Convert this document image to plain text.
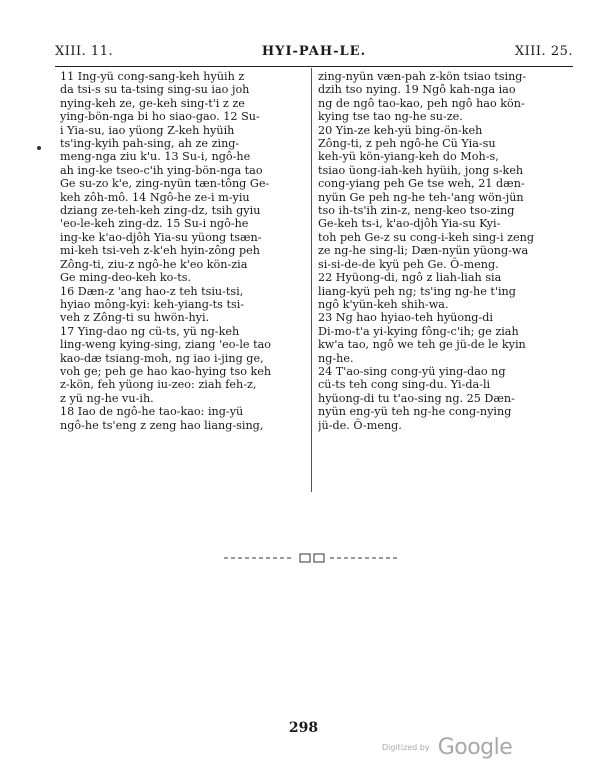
XIII. 11.	HYI-PAH-LE.	XIII. 25.

11 Ing-yü cong-sang-keh hyüih z
da tsi-s su ta-tsing sing-su iao joh
nying-keh ze, ge-keh sing-t'i z ze
ying-bön-nga bi ho siao-gao. 12 Su-
i Yia-su, iao yüong Z-keh hyüih
ts'ing-kyih pah-sing, ah ze zing-
meng-nga ziu k'u. 13 Su-i, ngô-he
ah ing-ke tseo-c'ih ying-bön-nga tao
Ge su-zo k'e, zing-nyün tæn-tông Ge-
keh zôh-mô. 14 Ngô-he ze-i m-yiu
dziang ze-teh-keh zing-dz, tsih gyiu
'eo-le-keh zing-dz. 15 Su-i ngô-he
ing-ke k'ao-djôh Yia-su yüong tsæn-
mi-keh tsi-veh z-k'eh hyin-zông peh
Zông-ti, ziu-z ngô-he k'eo kön-zia
Ge ming-deo-keh ko-ts.

16 Dæn-z 'ang hao-z teh tsiu-tsi,
hyiao mông-kyi: keh-yiang-ts tsi-
veh z Zông-ti su hwön-hyi.

17 Ying-dao ng cü-ts, yü ng-keh
ling-weng kying-sing, ziang 'eo-le tao
kao-dæ tsiang-moh, ng iao i-jing ge,
voh ge; peh ge hao kao-hying tso keh
z-kön, feh yüong iu-zeo: ziah feh-z,
z yü ng-he vu-ih.

18 Iao de ngô-he tao-kao: ing-yü
ngô-he ts'eng z zeng hao liang-sing,

zing-nyün væn-pah z-kön tsiao tsing-
dzih tso nying. 19 Ngô kah-nga iao
ng de ngô tao-kao, peh ngô hao kön-
kying tse tao ng-he su-ze.

20 Yin-ze keh-yü bing-ön-keh
Zông-ti, z peh ngô-he Cü Yia-su
keh-yü kön-yiang-keh do Moh-s,
tsiao üong-iah-keh hyüih, jong s-keh
cong-yiang peh Ge tse weh, 21 dæn-
nyün Ge peh ng-he teh-'ang wön-jün
tso ih-ts'ih zin-z, neng-keo tso-zing
Ge-keh ts-i, k'ao-djôh Yia-su Kyi-
toh peh Ge-z su cong-i-keh sing-i zeng
ze ng-he sing-li; Dæn-nyün yüong-wa
si-si-de-de kyü peh Ge. Ô-meng.

22 Hyüong-di, ngô z liah-liah sia
liang-kyü peh ng; ts'ing ng-he t'ing
ngô k'yün-keh shih-wa.

23 Ng hao hyiao-teh hyüong-di
Di-mo-t'a yi-kying fông-c'ih; ge ziah
kw'a tao, ngô we teh ge jü-de le kyin
ng-he.

24 T'ao-sing cong-yü ying-dao ng
cü-ts teh cong sing-du. Yi-da-li
hyüong-di tu t'ao-sing ng. 25 Dæn-
nyün eng-yü teh ng-he cong-nying
jü-de. Ô-meng.

298
$^{Digitized by}$ Google
